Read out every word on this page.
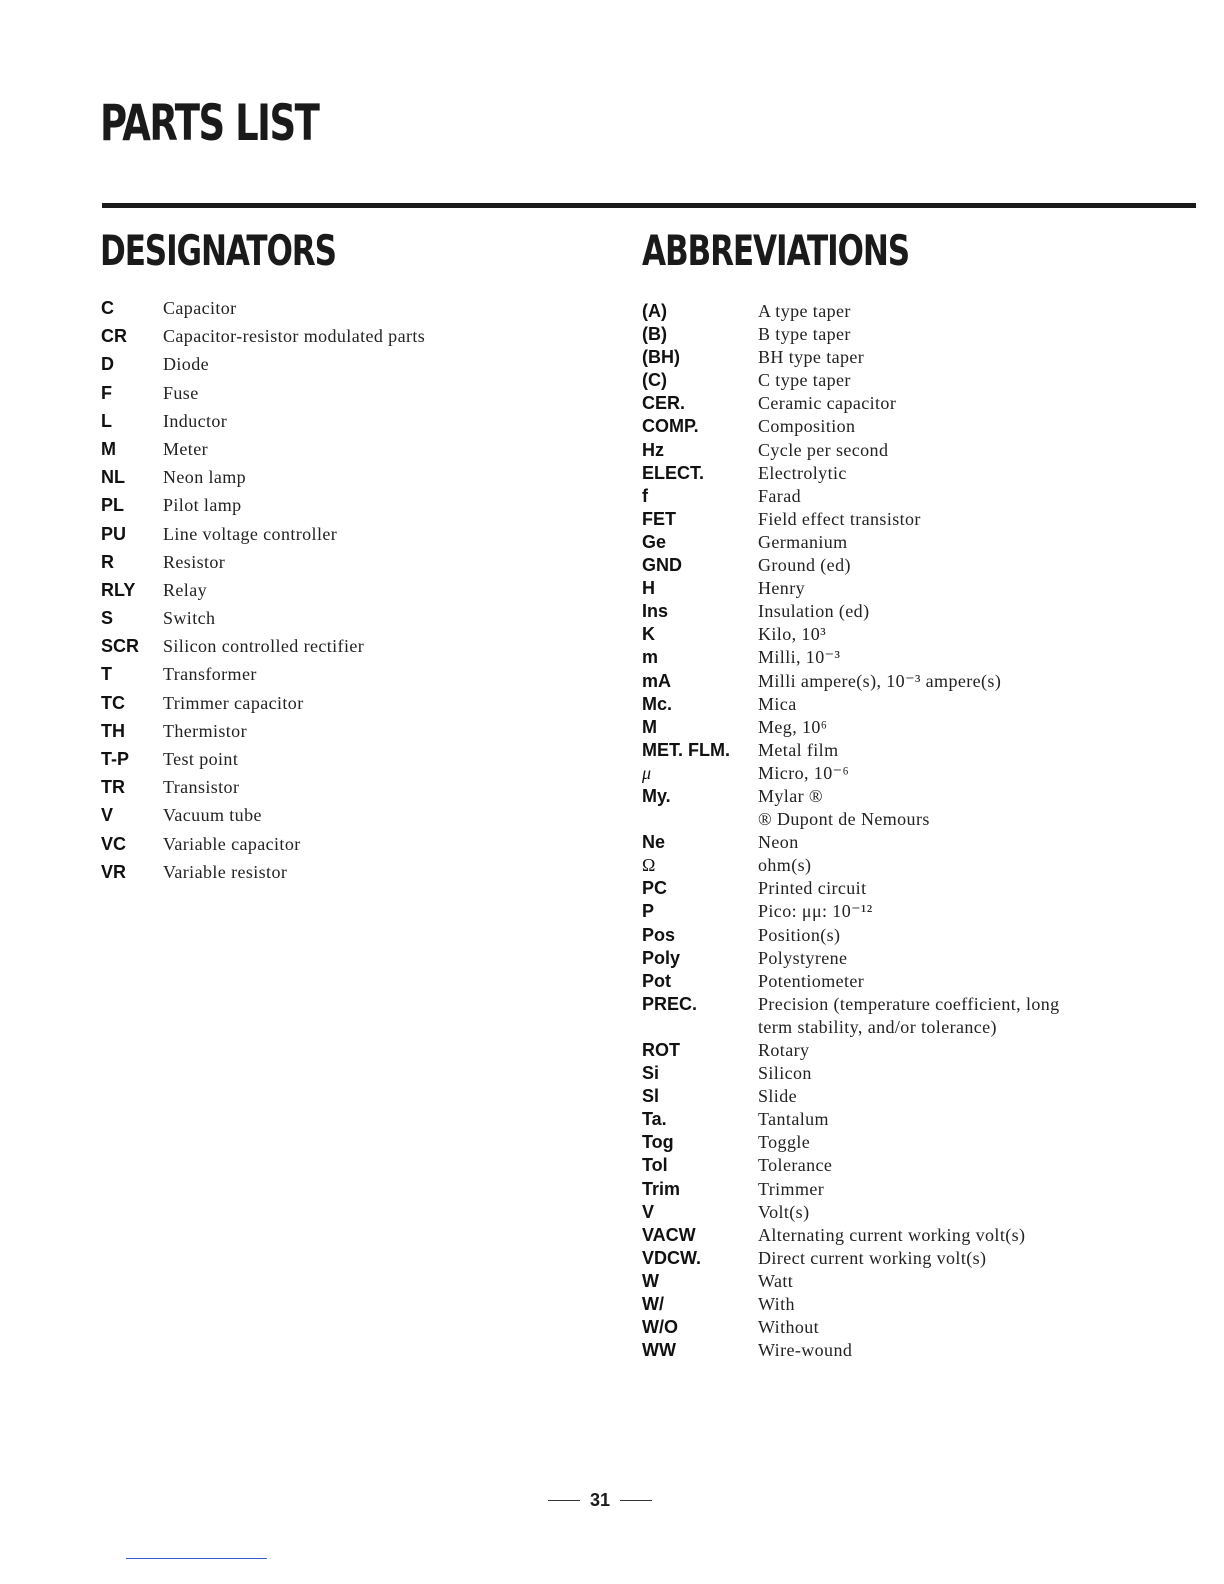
PARTS LIST
DESIGNATORS	ABBREVIATIONS
C	Capacitor
CR	Capacitor-resistor modulated parts
D	Diode
F	Fuse
L	Inductor
M	Meter
NL	Neon lamp
PL	Pilot lamp
PU	Line voltage controller
R	Resistor
RLY	Relay
S	Switch
SCR	Silicon controlled rectifier
T	Transformer
TC	Trimmer capacitor
TH	Thermistor
T-P	Test point
TR	Transistor
V	Vacuum tube
VC	Variable capacitor
VR	Variable resistor
(A)	A type taper
(B)	B type taper
(BH)	BH type taper
(C)	C type taper
CER.	Ceramic capacitor
COMP.	Composition
Hz	Cycle per second
ELECT.	Electrolytic
f	Farad
FET	Field effect transistor
Ge	Germanium
GND	Ground (ed)
H	Henry
Ins	Insulation (ed)
K	Kilo, 10³
m	Milli, 10⁻³
mA	Milli ampere(s), 10⁻³ ampere(s)
Mc.	Mica
M	Meg, 10⁶
MET. FLM.	Metal film
μ	Micro, 10⁻⁶
My.	Mylar ®
® Dupont de Nemours
Ne	Neon
Ω	ohm(s)
PC	Printed circuit
P	Pico: μμ: 10⁻¹²
Pos	Position(s)
Poly	Polystyrene
Pot	Potentiometer
PREC.	Precision (temperature coefficient, long term stability, and/or tolerance)
ROT	Rotary
Si	Silicon
Sl	Slide
Ta.	Tantalum
Tog	Toggle
Tol	Tolerance
Trim	Trimmer
V	Volt(s)
VACW	Alternating current working volt(s)
VDCW.	Direct current working volt(s)
W	Watt
W/	With
W/O	Without
WW	Wire-wound
31
